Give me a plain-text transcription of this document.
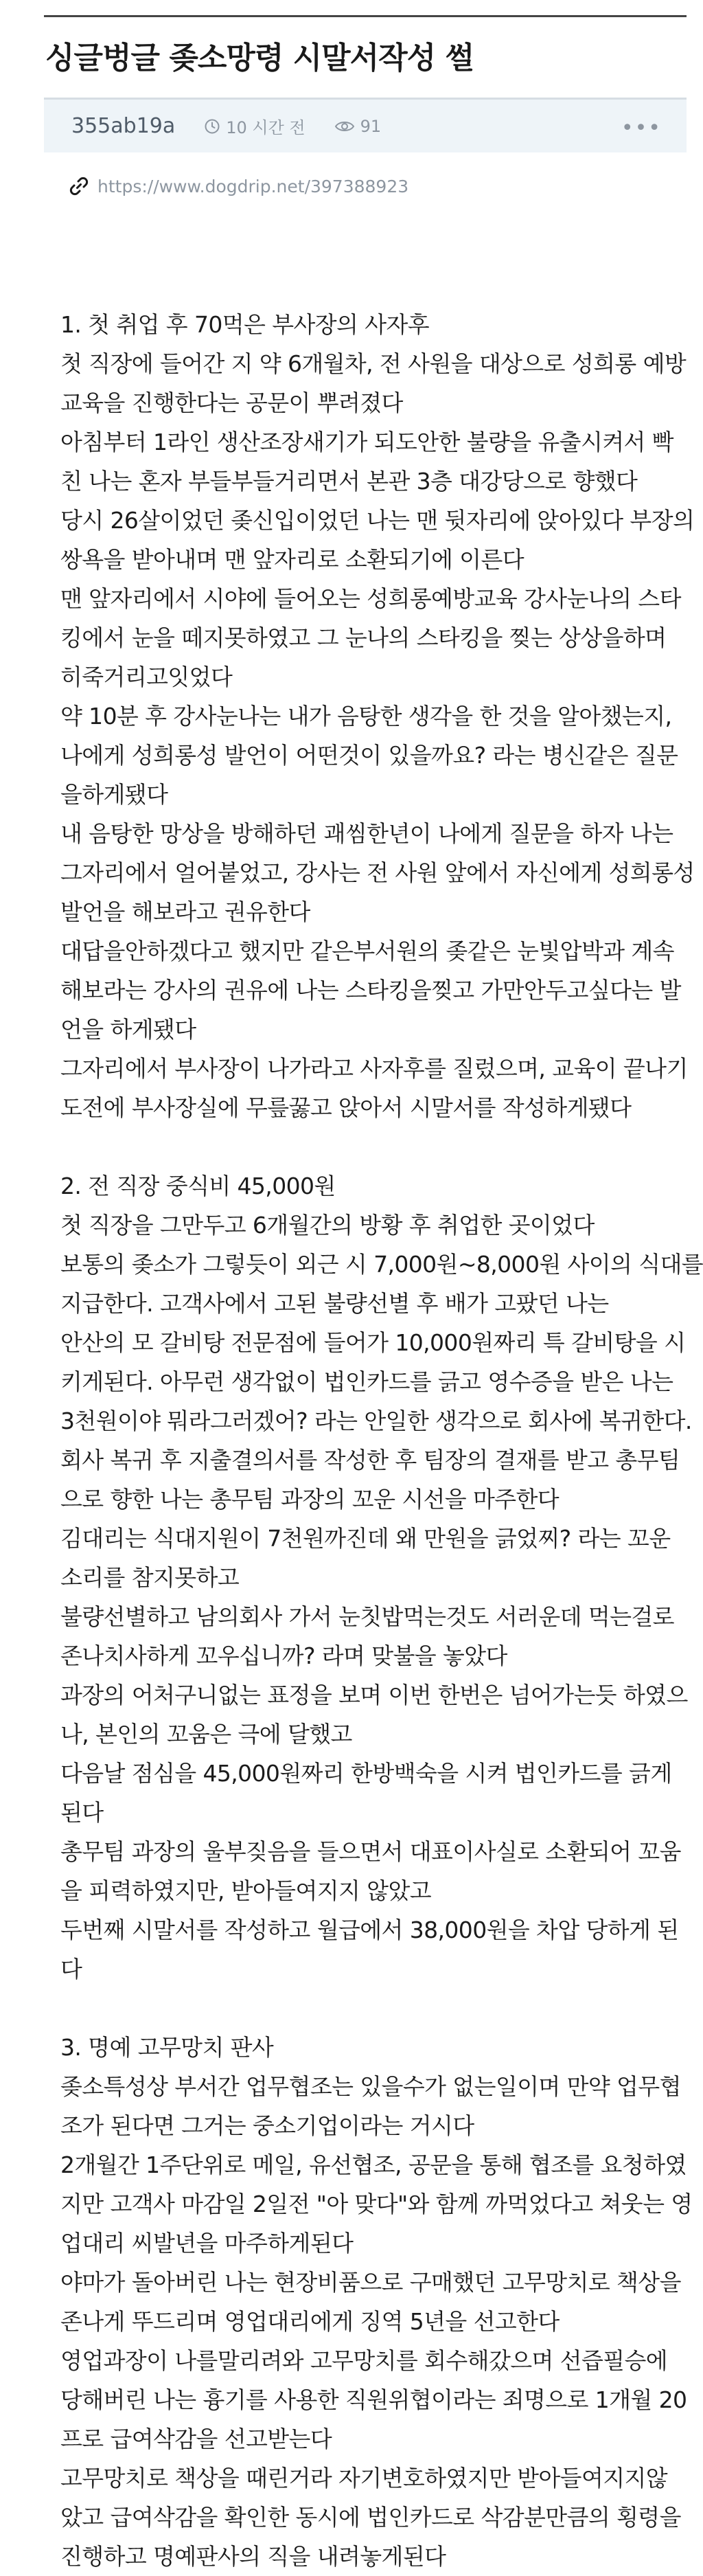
싱글벙글 좆소망령 시말서작성 썰
355ab19a	10 시간 전	91	•••
https://www.dogdrip.net/397388923

1. 첫 취업 후 70먹은 부사장의 사자후

첫 직장에 들어간 지 약 6개월차, 전 사원을 대상으로 성희롱 예방

교육을 진행한다는 공문이 뿌려졌다

아침부터 1라인 생산조장새기가 되도안한 불량을 유출시켜서 빡

친 나는 혼자 부들부들거리면서 본관 3층 대강당으로 향했다

당시 26살이었던 좆신입이었던 나는 맨 뒷자리에 앉아있다 부장의

쌍욕을 받아내며 맨 앞자리로 소환되기에 이른다

맨 앞자리에서 시야에 들어오는 성희롱예방교육 강사눈나의 스타

킹에서 눈을 떼지못하였고 그 눈나의 스타킹을 찢는 상상을하며

히죽거리고잇었다

약 10분 후 강사눈나는 내가 음탕한 생각을 한 것을 알아챘는지,

나에게 성희롱성 발언이 어떤것이 있을까요? 라는 병신같은 질문

을하게됐다

내 음탕한 망상을 방해하던 괘씸한년이 나에게 질문을 하자 나는

그자리에서 얼어붙었고, 강사는 전 사원 앞에서 자신에게 성희롱성

발언을 해보라고 권유한다

대답을안하겠다고 했지만 같은부서원의 좆같은 눈빛압박과 계속

해보라는 강사의 권유에 나는 스타킹을찢고 가만안두고싶다는 발

언을 하게됐다

그자리에서 부사장이 나가라고 사자후를 질렀으며, 교육이 끝나기

도전에 부사장실에 무릎꿇고 앉아서 시말서를 작성하게됐다

2. 전 직장 중식비 45,000원

첫 직장을 그만두고 6개월간의 방황 후 취업한 곳이었다

보통의 좆소가 그렇듯이 외근 시 7,000원~8,000원 사이의 식대를

지급한다. 고객사에서 고된 불량선별 후 배가 고팠던 나는

안산의 모 갈비탕 전문점에 들어가 10,000원짜리 특 갈비탕을 시

키게된다. 아무런 생각없이 법인카드를 긁고 영수증을 받은 나는

3천원이야 뭐라그러겠어? 라는 안일한 생각으로 회사에 복귀한다.

회사 복귀 후 지출결의서를 작성한 후 팀장의 결재를 받고 총무팀

으로 향한 나는 총무팀 과장의 꼬운 시선을 마주한다

김대리는 식대지원이 7천원까진데 왜 만원을 긁었찌? 라는 꼬운

소리를 참지못하고

불량선별하고 남의회사 가서 눈칫밥먹는것도 서러운데 먹는걸로

존나치사하게 꼬우십니까? 라며 맞불을 놓았다

과장의 어처구니없는 표정을 보며 이번 한번은 넘어가는듯 하였으

나, 본인의 꼬움은 극에 달했고

다음날 점심을 45,000원짜리 한방백숙을 시켜 법인카드를 긁게

된다

총무팀 과장의 울부짖음을 들으면서 대표이사실로 소환되어 꼬움

을 피력하였지만, 받아들여지지 않았고

두번째 시말서를 작성하고 월급에서 38,000원을 차압 당하게 된

다

3. 명예 고무망치 판사

좆소특성상 부서간 업무협조는 있을수가 없는일이며 만약 업무협

조가 된다면 그거는 중소기업이라는 거시다

2개월간 1주단위로 메일, 유선협조, 공문을 통해 협조를 요청하였

지만 고객사 마감일 2일전 "아 맞다"와 함께 까먹었다고 쳐웃는 영

업대리 씨발년을 마주하게된다

야마가 돌아버린 나는 현장비품으로 구매했던 고무망치로 책상을

존나게 뚜드리며 영업대리에게 징역 5년을 선고한다

영업과장이 나를말리려와 고무망치를 회수해갔으며 선즙필승에

당해버린 나는 흉기를 사용한 직원위협이라는 죄명으로 1개월 20

프로 급여삭감을 선고받는다

고무망치로 책상을 때린거라 자기변호하였지만 받아들여지지않

았고 급여삭감을 확인한 동시에 법인카드로 삭감분만큼의 횡령을

진행하고 명예판사의 직을 내려놓게된다
